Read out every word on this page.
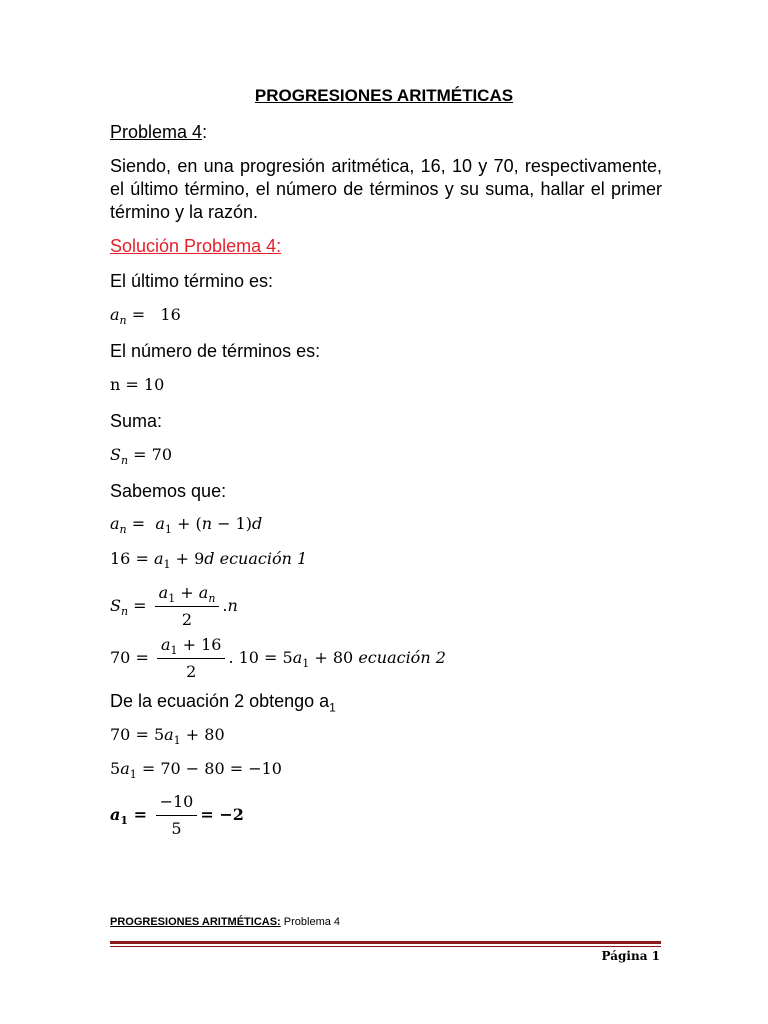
PROGRESIONES ARITMÉTICAS
Problema 4:
Siendo, en una progresión aritmética, 16, 10 y 70, respectivamente, el último término, el número de términos y su suma, hallar el primer término y la razón.
Solución Problema 4:
El último término es:
$a_n = 16$
El número de términos es:
n = 10
Suma:
$S_n = 70$
Sabemos que:
$a_n = a_1 + (n - 1)d$
$16 = a_1 + 9d$ ecuación 1
$S_n = \frac{a_1 + a_n}{2} .n$
$70 = \frac{a_1 + 16}{2}$ . $10 = 5a_1 + 80$ ecuación 2
De la ecuación 2 obtengo $a_1$
$70 = 5a_1 + 80$
$5a_1 = 70 - 80 = -10$
$a_1 = \frac{-10}{5} = -2$
PROGRESIONES ARITMÉTICAS: Problema 4
Página 1
